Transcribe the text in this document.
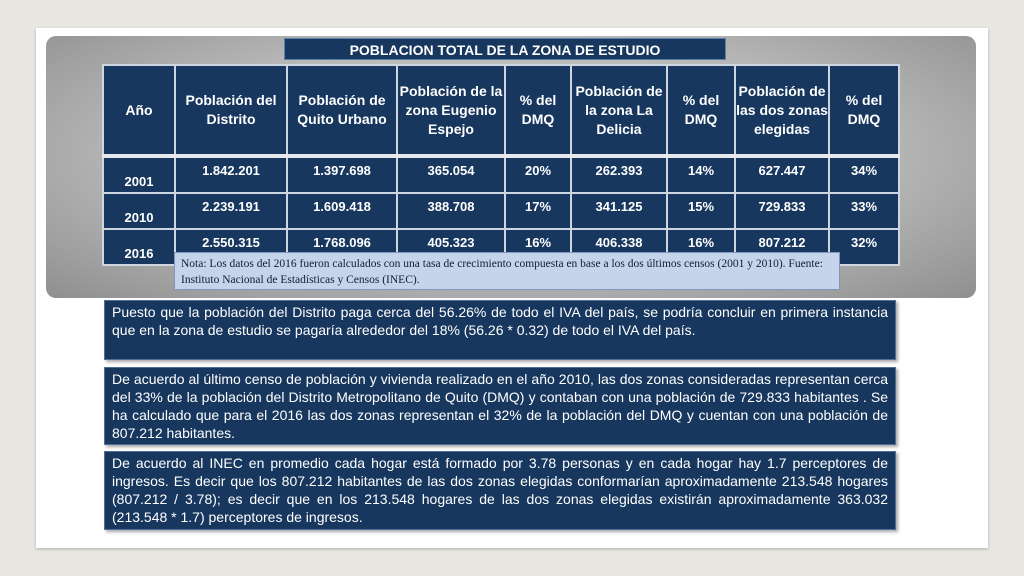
POBLACION TOTAL DE LA ZONA DE ESTUDIO
Año	Población del Distrito	Población de Quito Urbano	Población de la zona Eugenio Espejo	% del DMQ	Población de la zona La Delicia	% del DMQ	Población de las dos zonas elegidas	% del DMQ
2001	1.842.201	1.397.698	365.054	20%	262.393	14%	627.447	34%
2010	2.239.191	1.609.418	388.708	17%	341.125	15%	729.833	33%
2016	2.550.315	1.768.096	405.323	16%	406.338	16%	807.212	32%
Nota: Los datos del 2016 fueron calculados con una tasa de crecimiento compuesta en base a los dos últimos censos (2001 y 2010). Fuente: Instituto Nacional de Estadísticas y Censos (INEC).
Puesto que la población del Distrito paga cerca del 56.26% de todo el IVA del país, se podría concluir en primera instancia que en la zona de estudio se pagaría alrededor del 18% (56.26 * 0.32) de todo el IVA del país.
De acuerdo al último censo de población y vivienda realizado en el año 2010, las dos zonas consideradas representan cerca del 33% de la población del Distrito Metropolitano de Quito (DMQ) y contaban con una población de 729.833 habitantes . Se ha calculado que para el 2016 las dos zonas representan el 32% de la población del DMQ y cuentan con una población de 807.212 habitantes.
De acuerdo al INEC en promedio cada hogar está formado por 3.78 personas y en cada hogar hay 1.7 perceptores de ingresos. Es decir que los 807.212 habitantes de las dos zonas elegidas conformarían aproximadamente 213.548 hogares (807.212 / 3.78); es decir que en los 213.548 hogares de las dos zonas elegidas existirán aproximadamente 363.032 (213.548 * 1.7) perceptores de ingresos.
